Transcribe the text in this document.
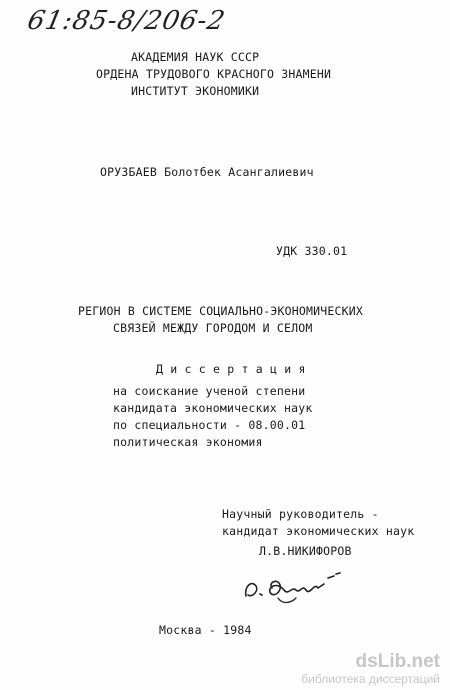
61:85-8/206-2
АКАДЕМИЯ НАУК СССР
ОРДЕНА ТРУДОВОГО КРАСНОГО ЗНАМЕНИ
ИНСТИТУТ ЭКОНОМИКИ
ОРУЗБАЕВ Болотбек Асангалиевич
УДК 330.01
РЕГИОН В СИСТЕМЕ СОЦИАЛЬНО-ЭКОНОМИЧЕСКИХ
СВЯЗЕЙ МЕЖДУ ГОРОДОМ И СЕЛОМ
Д и с с е р т а ц и я
на соискание ученой степени
кандидата экономических наук
по специальности - 08.00.01
политическая экономия
Научный руководитель -
кандидат экономических наук
Л.В.НИКИФОРОВ
Москва - 1984
dsLib.net
библиотека диссертаций
